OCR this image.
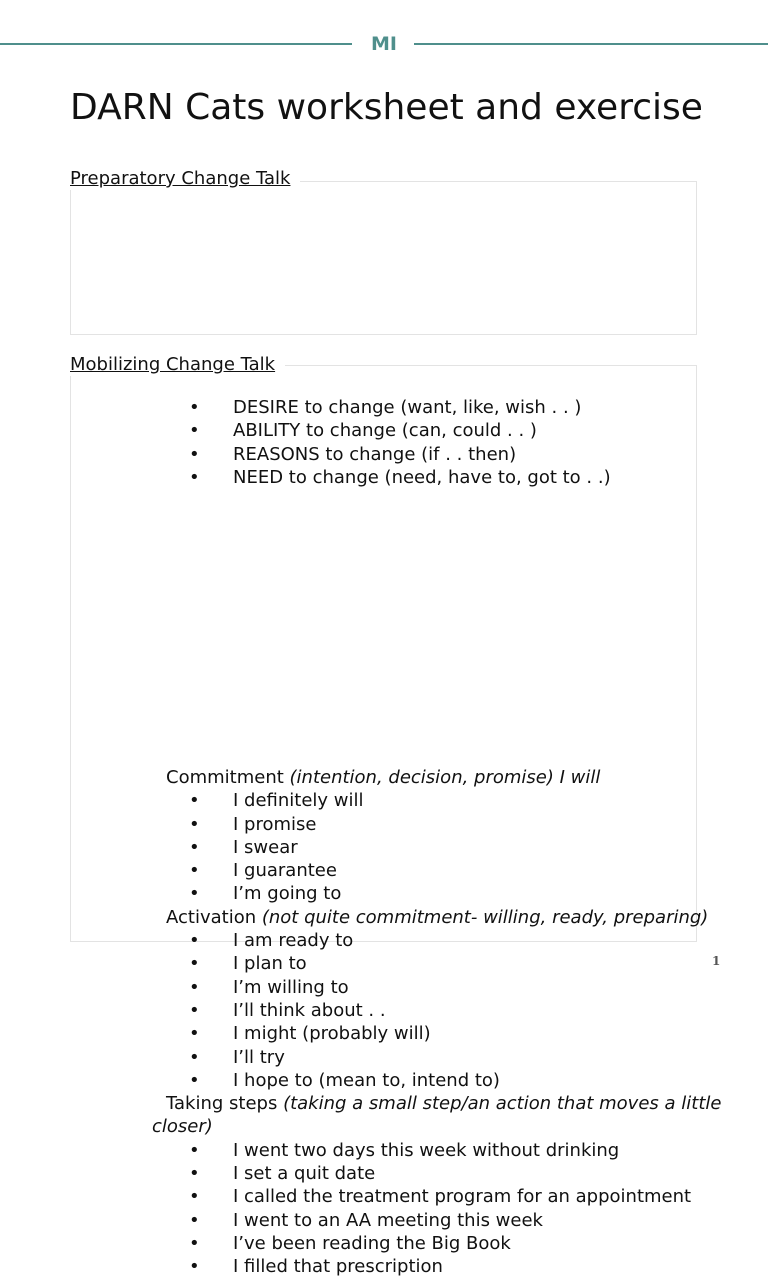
MI
DARN Cats worksheet and exercise
• DESIRE to change (want, like, wish . . )
• ABILITY to change (can, could . . )
• REASONS to change (if . . then)
• NEED to change (need, have to, got to . .)
Preparatory Change Talk
Commitment (intention, decision, promise) I will
• I definitely will
• I promise
• I swear
• I guarantee
• I’m going to
Activation (not quite commitment- willing, ready, preparing)
• I am ready to
• I plan to
• I’m willing to
• I’ll think about . .
• I might (probably will)
• I’ll try
• I hope to (mean to, intend to)
Taking steps (taking a small step/an action that moves a little
closer)
• I went two days this week without drinking
• I set a quit date
• I called the treatment program for an appointment
• I went to an AA meeting this week
• I’ve been reading the Big Book
• I filled that prescription
Mobilizing Change Talk
1
